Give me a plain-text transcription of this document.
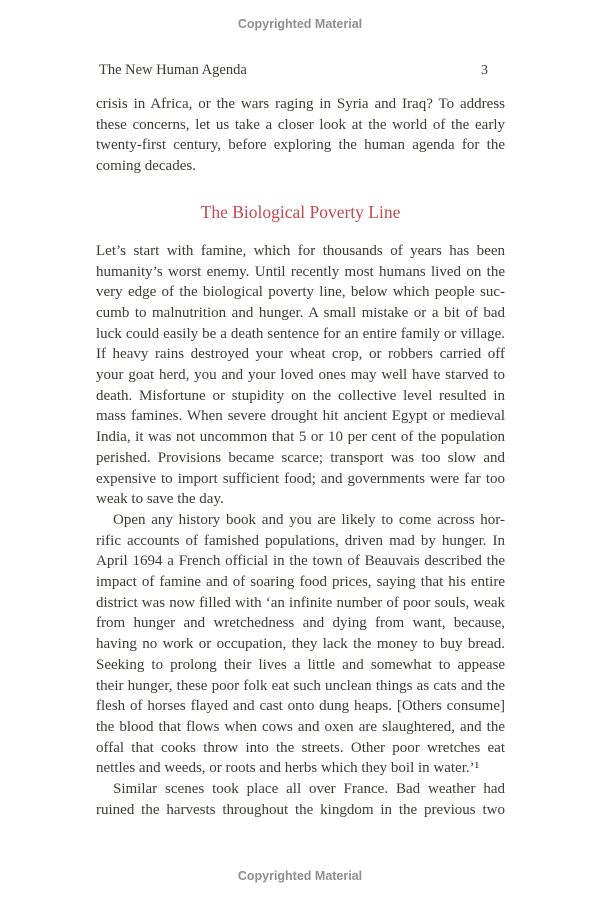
Copyrighted Material
The New Human Agenda	3
crisis in Africa, or the wars raging in Syria and Iraq? To address
these concerns, let us take a closer look at the world of the early
twenty-first century, before exploring the human agenda for the
coming decades.
The Biological Poverty Line
Let’s start with famine, which for thousands of years has been
humanity’s worst enemy. Until recently most humans lived on the
very edge of the biological poverty line, below which people suc-
cumb to malnutrition and hunger. A small mistake or a bit of bad
luck could easily be a death sentence for an entire family or village.
If heavy rains destroyed your wheat crop, or robbers carried off
your goat herd, you and your loved ones may well have starved to
death. Misfortune or stupidity on the collective level resulted in
mass famines. When severe drought hit ancient Egypt or medieval
India, it was not uncommon that 5 or 10 per cent of the population
perished. Provisions became scarce; transport was too slow and
expensive to import sufficient food; and governments were far too
weak to save the day.
Open any history book and you are likely to come across hor-
rific accounts of famished populations, driven mad by hunger. In
April 1694 a French official in the town of Beauvais described the
impact of famine and of soaring food prices, saying that his entire
district was now filled with ‘an infinite number of poor souls, weak
from hunger and wretchedness and dying from want, because,
having no work or occupation, they lack the money to buy bread.
Seeking to prolong their lives a little and somewhat to appease
their hunger, these poor folk eat such unclean things as cats and the
flesh of horses flayed and cast onto dung heaps. [Others consume]
the blood that flows when cows and oxen are slaughtered, and the
offal that cooks throw into the streets. Other poor wretches eat
nettles and weeds, or roots and herbs which they boil in water.’¹
Similar scenes took place all over France. Bad weather had
ruined the harvests throughout the kingdom in the previous two
Copyrighted Material
